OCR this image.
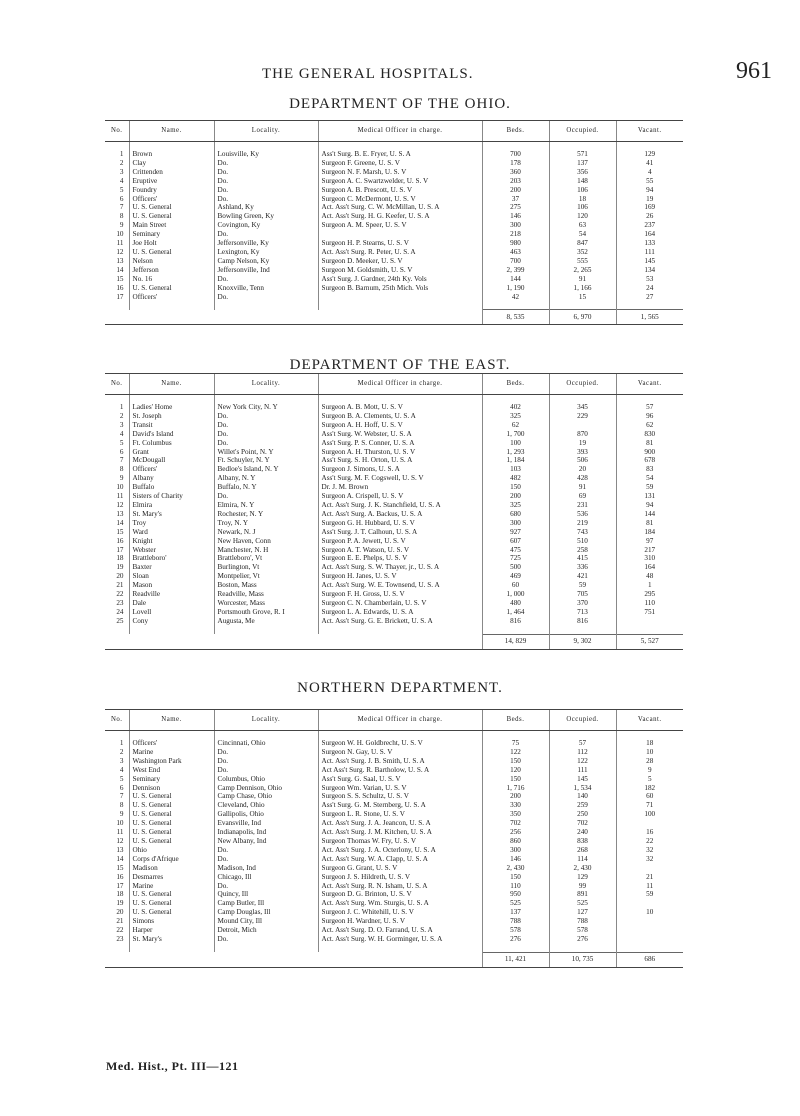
THE GENERAL HOSPITALS.	961
DEPARTMENT OF THE OHIO.
No.	Name.	Locality.	Medical Officer in charge.	Beds.	Occupied.	Vacant.

1	Brown	Louisville, Ky	Ass't Surg. B. E. Fryer, U. S. A	700	571	129
2	Clay	Do.	Surgeon F. Greene, U. S. V	178	137	41
3	Crittenden	Do.	Surgeon N. F. Marsh, U. S. V	360	356	4
4	Eruptive	Do.	Surgeon A. C. Swartzwelder, U. S. V	203	148	55
5	Foundry	Do.	Surgeon A. B. Prescott, U. S. V	200	106	94
6	Officers'	Do.	Surgeon C. McDermont, U. S. V	37	18	19
7	U. S. General	Ashland, Ky	Act. Ass't Surg. C. W. McMillan, U. S. A	275	106	169
8	U. S. General	Bowling Green, Ky	Act. Ass't Surg. H. G. Keefer, U. S. A	146	120	26
9	Main Street	Covington, Ky	Surgeon A. M. Speer, U. S. V	300	63	237
10	Seminary	Do.		218	54	164
11	Joe Holt	Jeffersonville, Ky	Surgeon H. P. Stearns, U. S. V	980	847	133
12	U. S. General	Lexington, Ky	Act. Ass't Surg. R. Peter, U. S. A	463	352	111
13	Nelson	Camp Nelson, Ky	Surgeon D. Meeker, U. S. V	700	555	145
14	Jefferson	Jeffersonville, Ind	Surgeon M. Goldsmith, U. S. V	2, 399	2, 265	134
15	No. 16	Do.	Ass't Surg. J. Gardner, 24th Ky. Vols	144	91	53
16	U. S. General	Knoxville, Tenn	Surgeon B. Barnum, 25th Mich. Vols	1, 190	1, 166	24
17	Officers'	Do.		42	15	27

				8, 535	6, 970	1, 565
DEPARTMENT OF THE EAST.
No.	Name.	Locality.	Medical Officer in charge.	Beds.	Occupied.	Vacant.

1	Ladies' Home	New York City, N. Y	Surgeon A. B. Mott, U. S. V	402	345	57
2	St. Joseph	Do.	Surgeon B. A. Clements, U. S. A	325	229	96
3	Transit	Do.	Surgeon A. H. Hoff, U. S. V	62		62
4	David's Island	Do.	Ass't Surg. W. Webster, U. S. A	1, 700	870	830
5	Ft. Columbus	Do.	Ass't Surg. P. S. Conner, U. S. A	100	19	81
6	Grant	Willet's Point, N. Y	Surgeon A. H. Thurston, U. S. V	1, 293	393	900
7	McDougall	Ft. Schuyler, N. Y	Ass't Surg. S. H. Orton, U. S. A	1, 184	506	678
8	Officers'	Bedloe's Island, N. Y	Surgeon J. Simons, U. S. A	103	20	83
9	Albany	Albany, N. Y	Ass't Surg. M. F. Cogswell, U. S. V	482	428	54
10	Buffalo	Buffalo, N. Y	Dr. J. M. Brown	150	91	59
11	Sisters of Charity	Do.	Surgeon A. Crispell, U. S. V	200	69	131
12	Elmira	Elmira, N. Y	Act. Ass't Surg. J. K. Stanchfield, U. S. A	325	231	94
13	St. Mary's	Rochester, N. Y	Act. Ass't Surg. A. Backus, U. S. A	680	536	144
14	Troy	Troy, N. Y	Surgeon G. H. Hubbard, U. S. V	300	219	81
15	Ward	Newark, N. J	Ass't Surg. J. T. Calhoun, U. S. A	927	743	184
16	Knight	New Haven, Conn	Surgeon P. A. Jewett, U. S. V	607	510	97
17	Webster	Manchester, N. H	Surgeon A. T. Watson, U. S. V	475	258	217
18	Brattleboro'	Brattleboro', Vt	Surgeon E. E. Phelps, U. S. V	725	415	310
19	Baxter	Burlington, Vt	Act. Ass't Surg. S. W. Thayer, jr., U. S. A	500	336	164
20	Sloan	Montpelier, Vt	Surgeon H. Janes, U. S. V	469	421	48
21	Mason	Boston, Mass	Act. Ass't Surg. W. E. Townsend, U. S. A	60	59	1
22	Readville	Readville, Mass	Surgeon F. H. Gross, U. S. V	1, 000	705	295
23	Dale	Worcester, Mass	Surgeon C. N. Chamberlain, U. S. V	480	370	110
24	Lovell	Portsmouth Grove, R. I	Surgeon L. A. Edwards, U. S. A	1, 464	713	751
25	Cony	Augusta, Me	Act. Ass't Surg. G. E. Brickett, U. S. A	816	816	

				14, 829	9, 302	5, 527
NORTHERN DEPARTMENT.
No.	Name.	Locality.	Medical Officer in charge.	Beds.	Occupied.	Vacant.

1	Officers'	Cincinnati, Ohio	Surgeon W. H. Goldbrecht, U. S. V	75	57	18
2	Marine	Do.	Surgeon N. Gay, U. S. V	122	112	10
3	Washington Park	Do.	Act. Ass't Surg. J. B. Smith, U. S. A	150	122	28
4	West End	Do.	Act Ass't Surg. R. Bartholow, U. S. A	120	111	9
5	Seminary	Columbus, Ohio	Ass't Surg. G. Saal, U. S. V	150	145	5
6	Dennison	Camp Dennison, Ohio	Surgeon Wm. Varian, U. S. V	1, 716	1, 534	182
7	U. S. General	Camp Chase, Ohio	Surgeon S. S. Schultz, U. S. V	200	140	60
8	U. S. General	Cleveland, Ohio	Ass't Surg. G. M. Sternberg, U. S. A	330	259	71
9	U. S. General	Gallipolis, Ohio	Surgeon L. R. Stone, U. S. V	350	250	100
10	U. S. General	Evansville, Ind	Act. Ass't Surg. J. A. Jeancon, U. S. A	702	702	
11	U. S. General	Indianapolis, Ind	Act. Ass't Surg. J. M. Kitchen, U. S. A	256	240	16
12	U. S. General	New Albany, Ind	Surgeon Thomas W. Fry, U. S. V	860	838	22
13	Ohio	Do.	Act. Ass't Surg. J. A. Octerlony, U. S. A	300	268	32
14	Corps d'Afrique	Do.	Act. Ass't Surg. W. A. Clapp, U. S. A	146	114	32
15	Madison	Madison, Ind	Surgeon G. Grant, U. S. V	2, 430	2, 430	
16	Desmarres	Chicago, Ill	Surgeon J. S. Hildreth, U. S. V	150	129	21
17	Marine	Do.	Act. Ass't Surg. R. N. Isham, U. S. A	110	99	11
18	U. S. General	Quincy, Ill	Surgeon D. G. Brinton, U. S. V	950	891	59
19	U. S. General	Camp Butler, Ill	Act. Ass't Surg. Wm. Sturgis, U. S. A	525	525	
20	U. S. General	Camp Douglas, Ill	Surgeon J. C. Whitehill, U. S. V	137	127	10
21	Simons	Mound City, Ill	Surgeon H. Wardner, U. S. V	788	788	
22	Harper	Detroit, Mich	Act. Ass't Surg. D. O. Farrand, U. S. A	578	578	
23	St. Mary's	Do.	Act. Ass't Surg. W. H. Gorminger, U. S. A	276	276	

				11, 421	10, 735	686
Med. Hist., Pt. III—121
